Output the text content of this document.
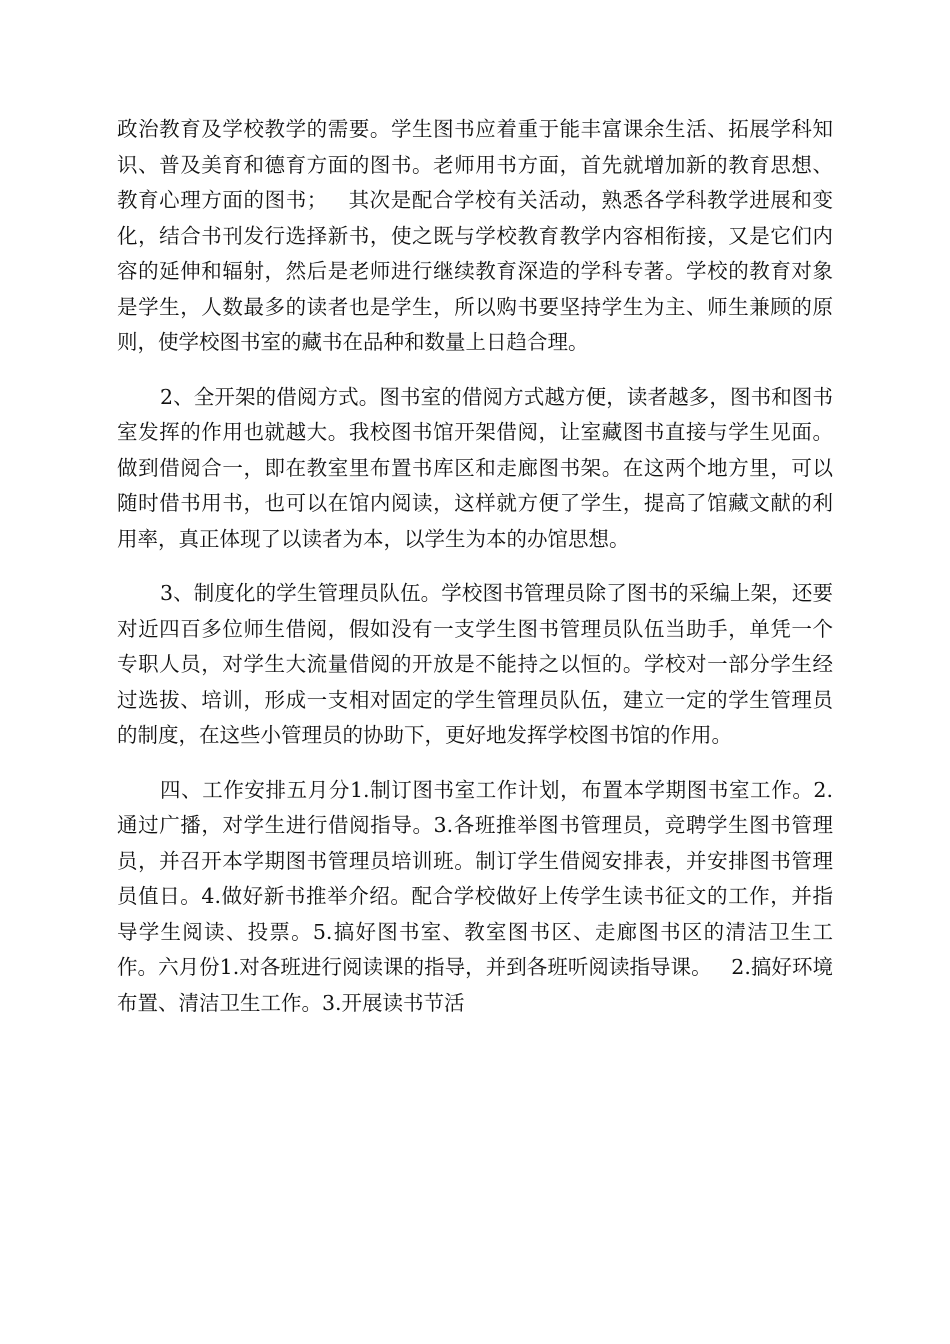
政治教育及学校教学的需要。学生图书应着重于能丰富课余生活、拓展学科知识、普及美育和德育方面的图书。老师用书方面，首先就增加新的教育思想、教育心理方面的图书；   其次是配合学校有关活动，熟悉各学科教学进展和变化，结合书刊发行选择新书，使之既与学校教育教学内容相衔接，又是它们内容的延伸和辐射，然后是老师进行继续教育深造的学科专著。学校的教育对象是学生，人数最多的读者也是学生，所以购书要坚持学生为主、师生兼顾的原则，使学校图书室的藏书在品种和数量上日趋合理。

2、全开架的借阅方式。图书室的借阅方式越方便，读者越多，图书和图书室发挥的作用也就越大。我校图书馆开架借阅，让室藏图书直接与学生见面。做到借阅合一，即在教室里布置书库区和走廊图书架。在这两个地方里，可以随时借书用书，也可以在馆内阅读，这样就方便了学生，提高了馆藏文献的利用率，真正体现了以读者为本，以学生为本的办馆思想。

3、制度化的学生管理员队伍。学校图书管理员除了图书的采编上架，还要对近四百多位师生借阅，假如没有一支学生图书管理员队伍当助手，单凭一个专职人员，对学生大流量借阅的开放是不能持之以恒的。学校对一部分学生经过选拔、培训，形成一支相对固定的学生管理员队伍，建立一定的学生管理员的制度，在这些小管理员的协助下，更好地发挥学校图书馆的作用。

四、工作安排五月分1.制订图书室工作计划，布置本学期图书室工作。2.通过广播，对学生进行借阅指导。3.各班推举图书管理员，竞聘学生图书管理员，并召开本学期图书管理员培训班。制订学生借阅安排表，并安排图书管理员值日。4.做好新书推举介绍。配合学校做好上传学生读书征文的工作，并指导学生阅读、投票。5.搞好图书室、教室图书区、走廊图书区的清洁卫生工作。六月份1.对各班进行阅读课的指导，并到各班听阅读指导课。   2.搞好环境布置、清洁卫生工作。3.开展读书节活
